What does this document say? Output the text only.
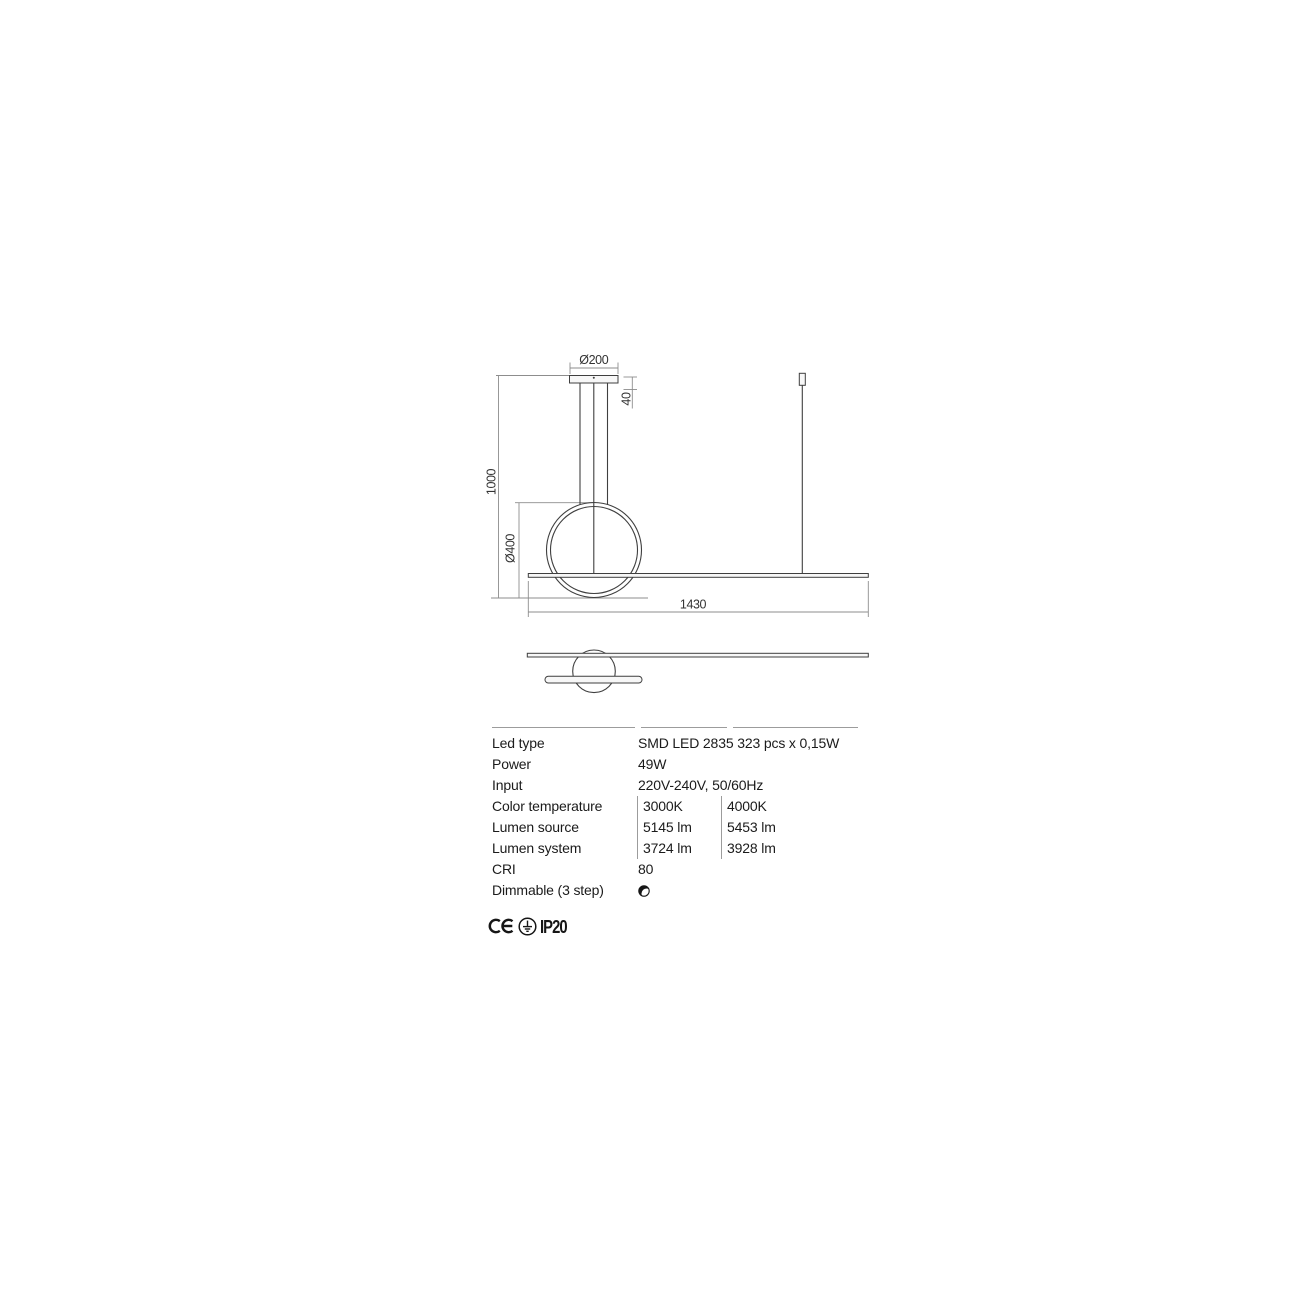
Ø200
40
1000
Ø400
1430
Led type	SMD LED 2835 323 pcs x 0,15W
Power	49W
Input	220V-240V, 50/60Hz
Color temperature	3000K	4000K
Lumen source	5145 lm	5453 lm
Lumen system	3724 lm	3928 lm
CRI	80
Dimmable (3 step)
IP20
